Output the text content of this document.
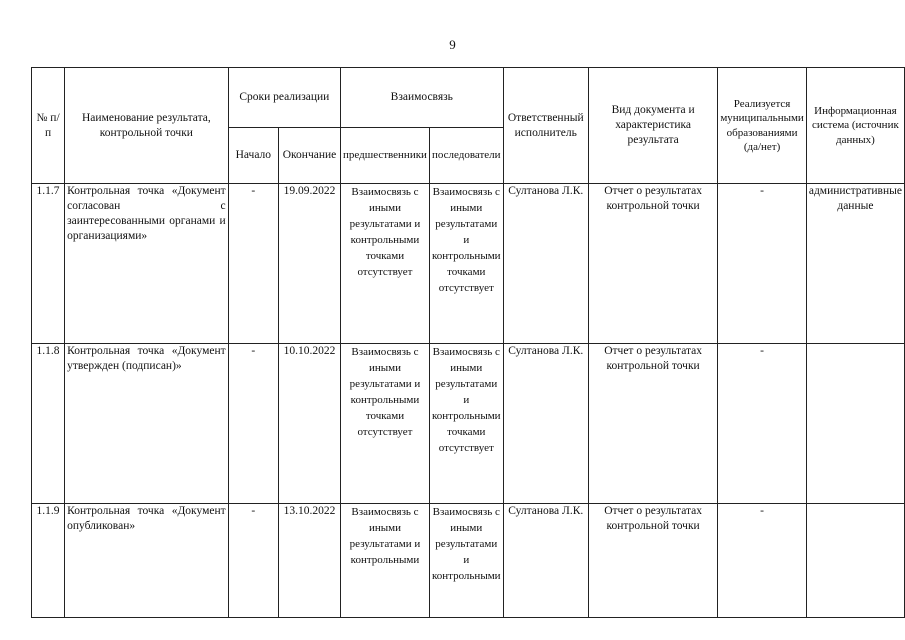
9
№ п/п	Наименование результата, контрольной точки	Сроки реализации		Взаимосвязь		Ответственный исполнитель	Вид документа и характеристика результата	Реализуется муниципальными образованиями (да/нет)	Информационная система (источник данных)
		Начало	Окончание	предшественники	последователи				
1.1.7	Контрольная точка «Документ согласован с заинтересованными органами и организациями»	-	19.09.2022	Взаимосвязь с иными результатами и контрольными точками отсутствует	Взаимосвязь с иными результатами и контрольными точками отсутствует	Султанова Л.К.	Отчет о результатах контрольной точки	-	административные данные
1.1.8	Контрольная точка «Документ утвержден (подписан)»	-	10.10.2022	Взаимосвязь с иными результатами и контрольными точками отсутствует	Взаимосвязь с иными результатами и контрольными точками отсутствует	Султанова Л.К.	Отчет о результатах контрольной точки	-	
1.1.9	Контрольная точка «Документ опубликован»	-	13.10.2022	Взаимосвязь с иными результатами и контрольными	Взаимосвязь с иными результатами и контрольными	Султанова Л.К.	Отчет о результатах контрольной точки	-	
